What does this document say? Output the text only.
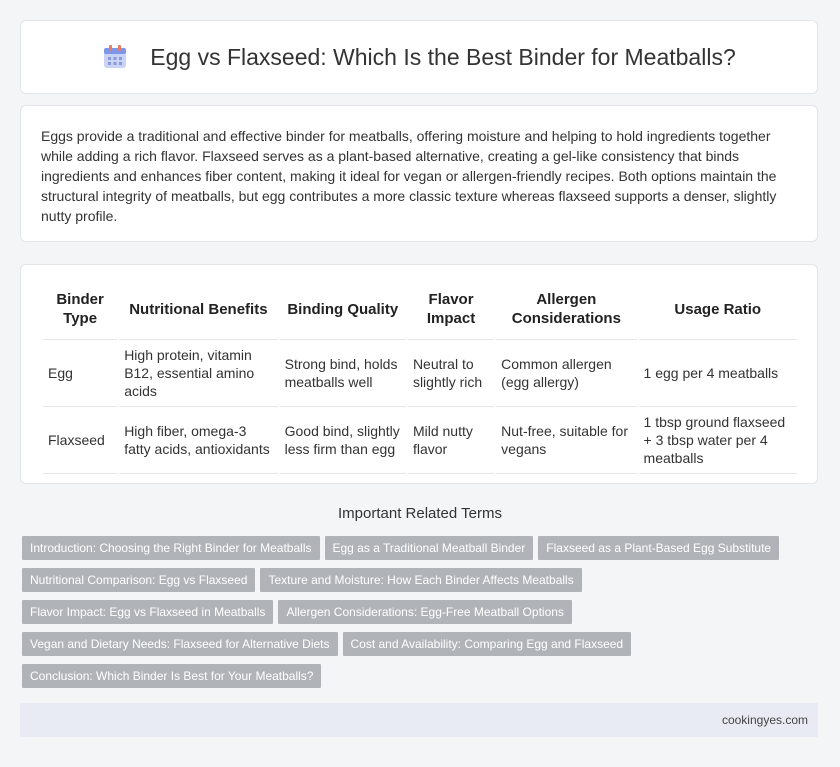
Egg vs Flaxseed: Which Is the Best Binder for Meatballs?

Eggs provide a traditional and effective binder for meatballs, offering moisture and helping to hold ingredients together while adding a rich flavor. Flaxseed serves as a plant-based alternative, creating a gel-like consistency that binds ingredients and enhances fiber content, making it ideal for vegan or allergen-friendly recipes. Both options maintain the structural integrity of meatballs, but egg contributes a more classic texture whereas flaxseed supports a denser, slightly nutty profile.

Binder Type	Nutritional Benefits	Binding Quality	Flavor Impact	Allergen Considerations	Usage Ratio
Egg	High protein, vitamin B12, essential amino acids	Strong bind, holds meatballs well	Neutral to slightly rich	Common allergen (egg allergy)	1 egg per 4 meatballs
Flaxseed	High fiber, omega-3 fatty acids, antioxidants	Good bind, slightly less firm than egg	Mild nutty flavor	Nut-free, suitable for vegans	1 tbsp ground flaxseed + 3 tbsp water per 4 meatballs
Important Related Terms
Introduction: Choosing the Right Binder for Meatballs Egg as a Traditional Meatball Binder Flaxseed as a Plant-Based Egg Substitute
Nutritional Comparison: Egg vs Flaxseed Texture and Moisture: How Each Binder Affects Meatballs
Flavor Impact: Egg vs Flaxseed in Meatballs Allergen Considerations: Egg-Free Meatball Options
Vegan and Dietary Needs: Flaxseed for Alternative Diets Cost and Availability: Comparing Egg and Flaxseed
Conclusion: Which Binder Is Best for Your Meatballs?
cookingyes.com
